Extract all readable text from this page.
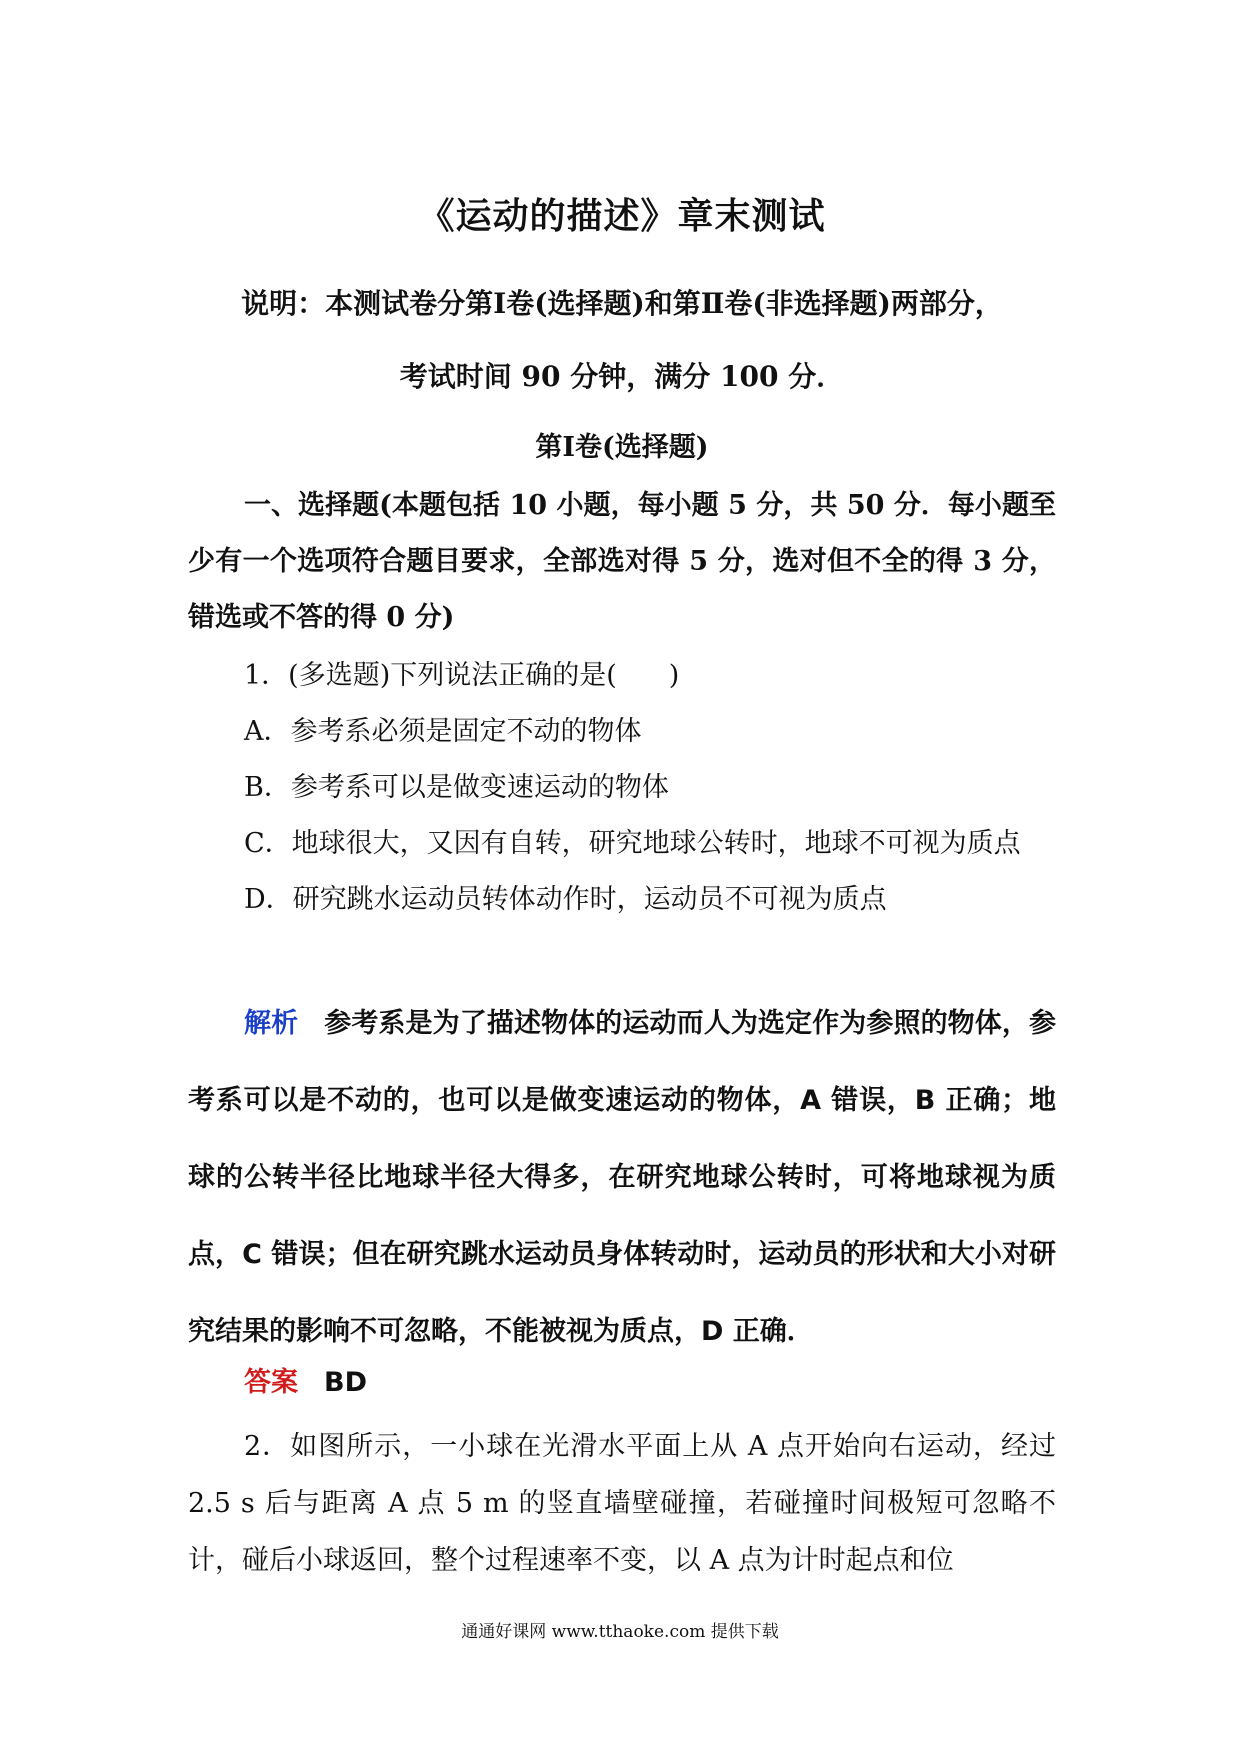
《运动的描述》章末测试
说明：本测试卷分第Ⅰ卷(选择题)和第Ⅱ卷(非选择题)两部分，
考试时间 90 分钟，满分 100 分．
第Ⅰ卷(选择题)
一、选择题(本题包括 10 小题，每小题 5 分，共 50 分．每小题至少有一个选项符合题目要求，全部选对得 5 分，选对但不全的得 3 分，错选或不答的得 0 分)

1．(多选题)下列说法正确的是( )

A．参考系必须是固定不动的物体

B．参考系可以是做变速运动的物体

C．地球很大，又因有自转，研究地球公转时，地球不可视为质点

D．研究跳水运动员转体动作时，运动员不可视为质点

解析 参考系是为了描述物体的运动而人为选定作为参照的物体，参考系可以是不动的，也可以是做变速运动的物体，A 错误，B 正确；地球的公转半径比地球半径大得多，在研究地球公转时，可将地球视为质点，C 错误；但在研究跳水运动员身体转动时，运动员的形状和大小对研究结果的影响不可忽略，不能被视为质点，D 正确．
答案 BD
2．如图所示，一小球在光滑水平面上从 A 点开始向右运动，经过 2.5 s 后与距离 A 点 5 m 的竖直墙壁碰撞，若碰撞时间极短可忽略不计，碰后小球返回，整个过程速率不变，以 A 点为计时起点和位
通通好课网 www.tthaoke.com 提供下载
